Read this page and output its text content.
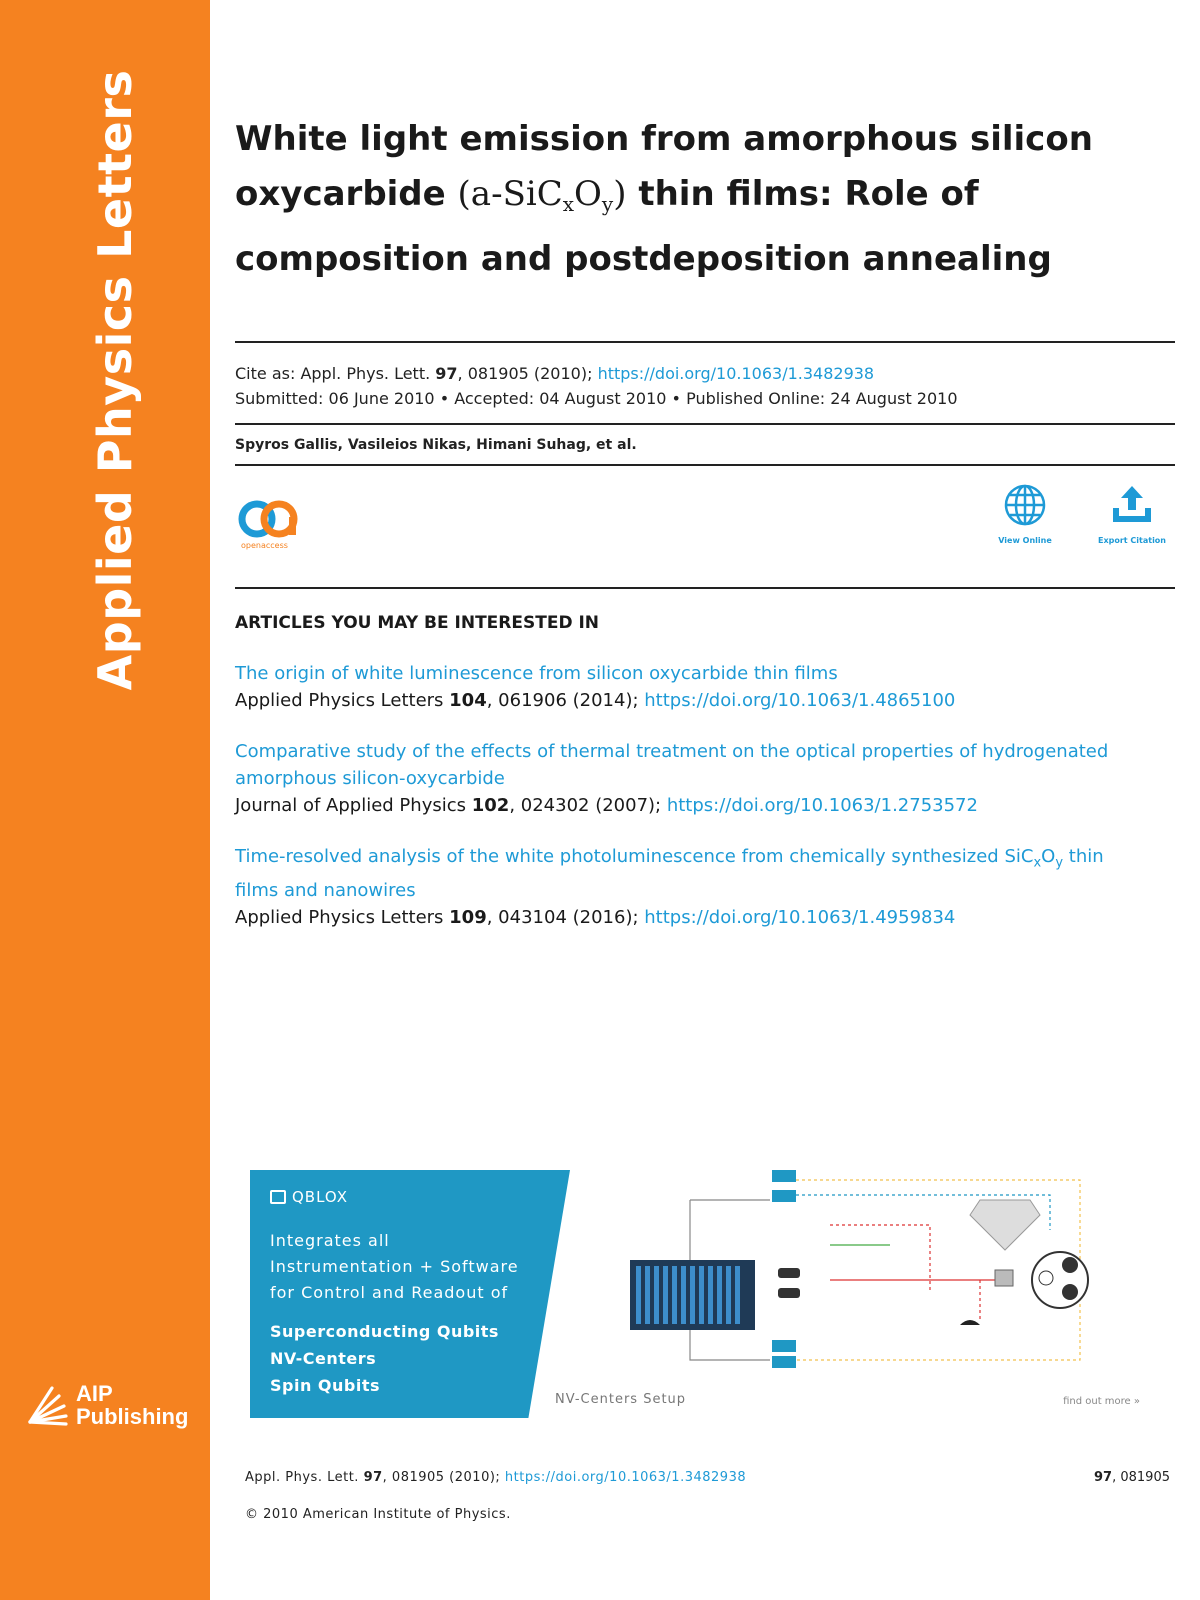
Applied Physics Letters
AIP
Publishing
White light emission from amorphous silicon oxycarbide $(a-SiC_xO_y)$ thin films: Role of composition and postdeposition annealing
Cite as: Appl. Phys. Lett. 97, 081905 (2010); https://doi.org/10.1063/1.3482938
Submitted: 06 June 2010 • Accepted: 04 August 2010 • Published Online: 24 August 2010
Spyros Gallis, Vasileios Nikas, Himani Suhag, et al.
openaccess
View Online	Export Citation
ARTICLES YOU MAY BE INTERESTED IN
The origin of white luminescence from silicon oxycarbide thin films
Applied Physics Letters 104, 061906 (2014); https://doi.org/10.1063/1.4865100
Comparative study of the effects of thermal treatment on the optical properties of hydrogenated amorphous silicon-oxycarbide
Journal of Applied Physics 102, 024302 (2007); https://doi.org/10.1063/1.2753572
Time-resolved analysis of the white photoluminescence from chemically synthesized $SiC_xO_y$ thin films and nanowires
Applied Physics Letters 109, 043104 (2016); https://doi.org/10.1063/1.4959834
QBLOX
Integrates all
Instrumentation + Software
for Control and Readout of
Superconducting Qubits
NV-Centers
Spin Qubits
NV-Centers Setup	find out more »
Appl. Phys. Lett. 97, 081905 (2010); https://doi.org/10.1063/1.3482938	97, 081905
© 2010 American Institute of Physics.
